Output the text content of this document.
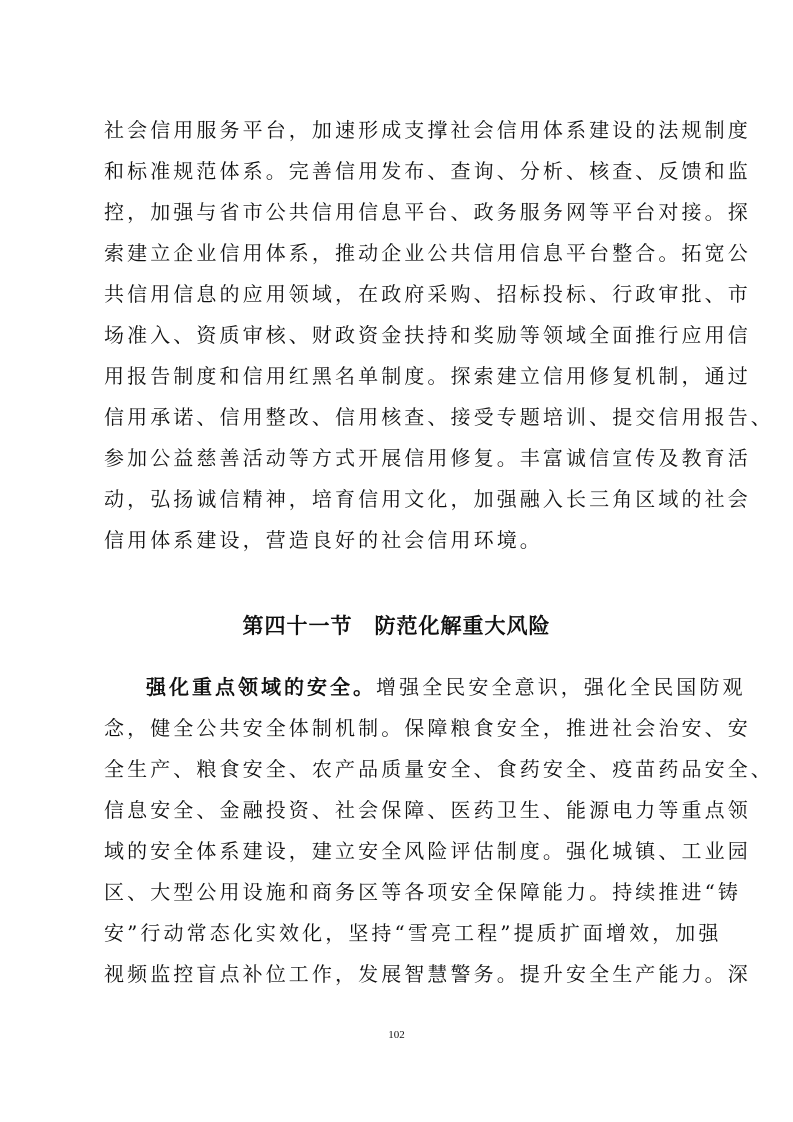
社会信用服务平台，加速形成支撑社会信用体系建设的法规制度
和标准规范体系。完善信用发布、查询、分析、核查、反馈和监
控，加强与省市公共信用信息平台、政务服务网等平台对接。探
索建立企业信用体系，推动企业公共信用信息平台整合。拓宽公
共信用信息的应用领域，在政府采购、招标投标、行政审批、市
场准入、资质审核、财政资金扶持和奖励等领域全面推行应用信
用报告制度和信用红黑名单制度。探索建立信用修复机制，通过
信用承诺、信用整改、信用核查、接受专题培训、提交信用报告、
参加公益慈善活动等方式开展信用修复。丰富诚信宣传及教育活
动，弘扬诚信精神，培育信用文化，加强融入长三角区域的社会
信用体系建设，营造良好的社会信用环境。
第四十一节　防范化解重大风险
强化重点领域的安全。增强全民安全意识，强化全民国防观
念，健全公共安全体制机制。保障粮食安全，推进社会治安、安
全生产、粮食安全、农产品质量安全、食药安全、疫苗药品安全、
信息安全、金融投资、社会保障、医药卫生、能源电力等重点领
域的安全体系建设，建立安全风险评估制度。强化城镇、工业园
区、大型公用设施和商务区等各项安全保障能力。持续推进“铸
安”行动常态化实效化，坚持“雪亮工程”提质扩面增效，加强
视频监控盲点补位工作，发展智慧警务。提升安全生产能力。深
102
